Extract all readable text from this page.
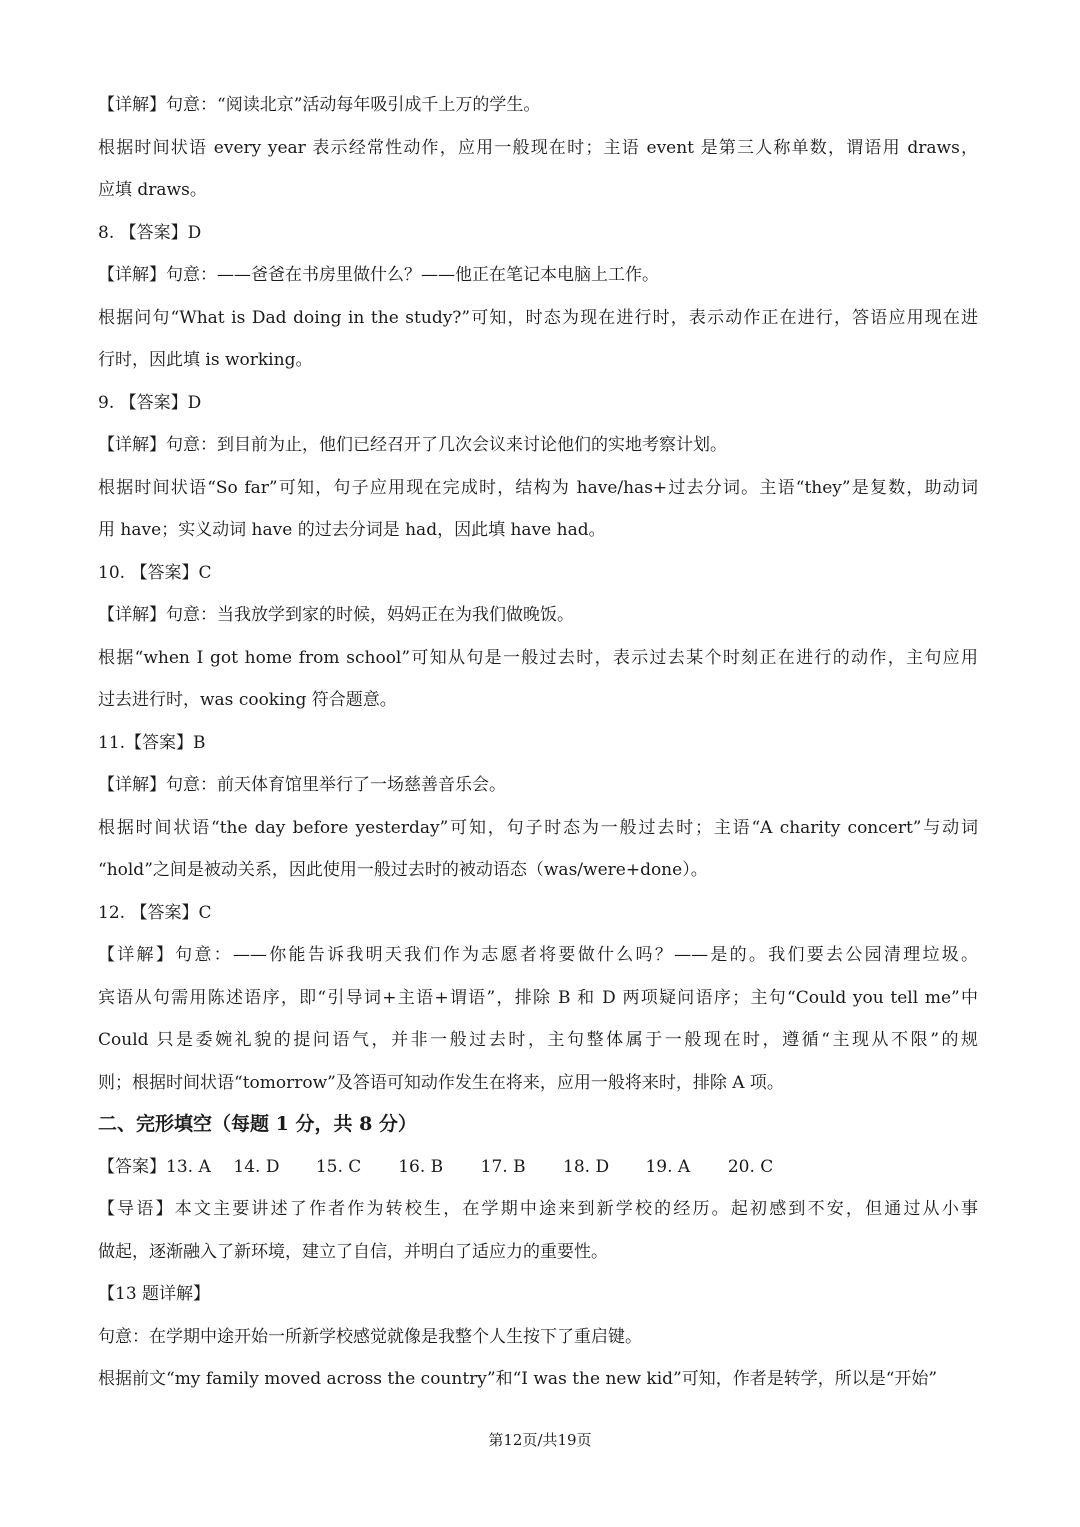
【详解】句意：“阅读北京”活动每年吸引成千上万的学生。
根据时间状语 every year 表示经常性动作，应用一般现在时；主语 event 是第三人称单数，谓语用 draws，
应填 draws。
8. 【答案】D
【详解】句意：——爸爸在书房里做什么？——他正在笔记本电脑上工作。
根据问句“What is Dad doing in the study?”可知，时态为现在进行时，表示动作正在进行，答语应用现在进
行时，因此填 is working。
9. 【答案】D
【详解】句意：到目前为止，他们已经召开了几次会议来讨论他们的实地考察计划。
根据时间状语“So far”可知，句子应用现在完成时，结构为 have/has+过去分词。主语“they”是复数，助动词
用 have；实义动词 have 的过去分词是 had，因此填 have had。
10. 【答案】C
【详解】句意：当我放学到家的时候，妈妈正在为我们做晚饭。
根据“when I got home from school”可知从句是一般过去时，表示过去某个时刻正在进行的动作，主句应用
过去进行时，was cooking 符合题意。
11.【答案】B
【详解】句意：前天体育馆里举行了一场慈善音乐会。
根据时间状语“the day before yesterday”可知，句子时态为一般过去时；主语“A charity concert”与动词
“hold”之间是被动关系，因此使用一般过去时的被动语态（was/were+done）。
12. 【答案】C
【详解】句意：——你能告诉我明天我们作为志愿者将要做什么吗？——是的。我们要去公园清理垃圾。
宾语从句需用陈述语序，即“引导词+主语+谓语”，排除 B 和 D 两项疑问语序；主句“Could you tell me”中
Could 只是委婉礼貌的提问语气，并非一般过去时，主句整体属于一般现在时，遵循“主现从不限”的规
则；根据时间状语“tomorrow”及答语可知动作发生在将来，应用一般将来时，排除 A 项。
二、完形填空（每题 1 分，共 8 分）
【答案】13. A 14. D 15. C 16. B 17. B 18. D 19. A 20. C
【导语】本文主要讲述了作者作为转校生，在学期中途来到新学校的经历。起初感到不安，但通过从小事
做起，逐渐融入了新环境，建立了自信，并明白了适应力的重要性。
【13 题详解】
句意：在学期中途开始一所新学校感觉就像是我整个人生按下了重启键。
根据前文“my family moved across the country”和“I was the new kid”可知，作者是转学，所以是“开始”
第12页/共19页
